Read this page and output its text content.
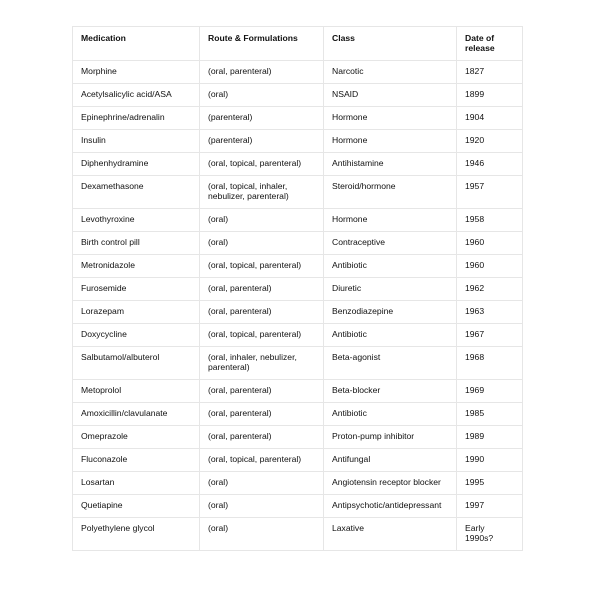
Medication	Route & Formulations	Class	Date of release
Morphine	(oral, parenteral)	Narcotic	1827
Acetylsalicylic acid/ASA	(oral)	NSAID	1899
Epinephrine/adrenalin	(parenteral)	Hormone	1904
Insulin	(parenteral)	Hormone	1920
Diphenhydramine	(oral, topical, parenteral)	Antihistamine	1946
Dexamethasone	(oral, topical, inhaler, nebulizer, parenteral)	Steroid/hormone	1957
Levothyroxine	(oral)	Hormone	1958
Birth control pill	(oral)	Contraceptive	1960
Metronidazole	(oral, topical, parenteral)	Antibiotic	1960
Furosemide	(oral, parenteral)	Diuretic	1962
Lorazepam	(oral, parenteral)	Benzodiazepine	1963
Doxycycline	(oral, topical, parenteral)	Antibiotic	1967
Salbutamol/albuterol	(oral, inhaler, nebulizer, parenteral)	Beta-agonist	1968
Metoprolol	(oral, parenteral)	Beta-blocker	1969
Amoxicillin/clavulanate	(oral, parenteral)	Antibiotic	1985
Omeprazole	(oral, parenteral)	Proton-pump inhibitor	1989
Fluconazole	(oral, topical, parenteral)	Antifungal	1990
Losartan	(oral)	Angiotensin receptor blocker	1995
Quetiapine	(oral)	Antipsychotic/antidepressant	1997
Polyethylene glycol	(oral)	Laxative	Early 1990s?
